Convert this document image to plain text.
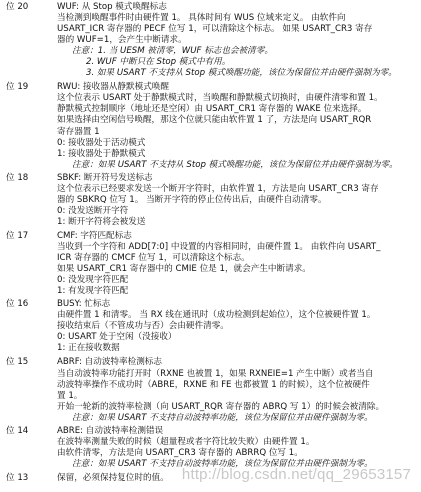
位 20	WUF: 从 Stop 模式唤醒标志
当检测到唤醒事件时由硬件置 1。 具体时间有 WUS 位域来定义。 由软件向
USART_ICR 寄存器的 PECF 位写 1，可以清除这个标志。 如果 USART_CR3 寄存
器的 WUF=1，会产生中断请求。
注意：1. 当 UESM 被清零，WUF 标志也会被清零。
2. WUF 中断只在 Stop 模式中有用。
3. 如果 USART 不支持从 Stop 模式唤醒功能，该位为保留位并由硬件强制为零。
位 19	RWU: 接收器从静默模式唤醒
这个位表示 USART 处于静默模式时，当唤醒和静默模式切换时，由硬件清零和置 1。
静默模式控制顺序（地址还是空闲）由 USART_CR1 寄存器的 WAKE 位来选择。
如果选择由空闲信号唤醒，那这个位就只能由软件置 1 了，方法是向 USART_RQR
寄存器置 1
0: 接收器处于活动模式
1: 接收器处于静默模式
注意：如果 USART 不支持从 Stop 模式唤醒功能，该位为保留位并由硬件强制为零。
位 18	SBKF: 断开符号发送标志
这个位表示已经要求发送一个断开字符时，由软件置 1，方法是向 USART_CR3 寄存
器的 SBKRQ 位写 1。 当断开字符的停止位传出后，由硬件自动清零。
0: 没发送断开字符
1: 断开字符将会被发送
位 17	CMF: 字符匹配标志
当收到一个字符和 ADD[7:0] 中设置的内容相同时，由硬件置 1。 由软件向 USART_
ICR 寄存器的 CMCF 位写 1，可以清除这个标志。
如果 USART_CR1 寄存器中的 CMIE 位是 1，就会产生中断请求。
0: 没发现字符匹配
1: 有发现字符匹配
位 16	BUSY: 忙标志
由硬件置 1 和清零。 当 RX 线在通讯时（成功检测到起始位），这个位被硬件置 1。
接收结束后（不管成功与否）会由硬件清零。
0: USART 处于空闲（没接收）
1: 正在接收数据
位 15	ABRF: 自动波特率检测标志
当自动波特率功能打开时（RXNE 也被置 1，如果 RXNEIE=1 产生中断）或者当自
动波特率操作不成功时（ABRE，RXNE 和 FE 也都被置 1 的时候），这个位被硬件
置 1。
开始一轮新的波特率检测（向 USART_RQR 寄存器的 ABRQ 写 1）的时候会被清除。
注意：如果 USART 不支持自动波特率功能，该位为保留位并由硬件强制为零。
位 14	ABRE: 自动波特率检测错误
在波特率测量失败的时候（超量程或者字符比较失败）由硬件置 1。
由软件清零，方法是向 USART_CR3 寄存器的 ABRRQ 位写 1。
注意：如果 USART 不支持自动波特率功能，该位为保留位并由硬件强制为零。
位 13	保留，必须保持复位时的值。 http://blog.csdn.net/qq_29653157
